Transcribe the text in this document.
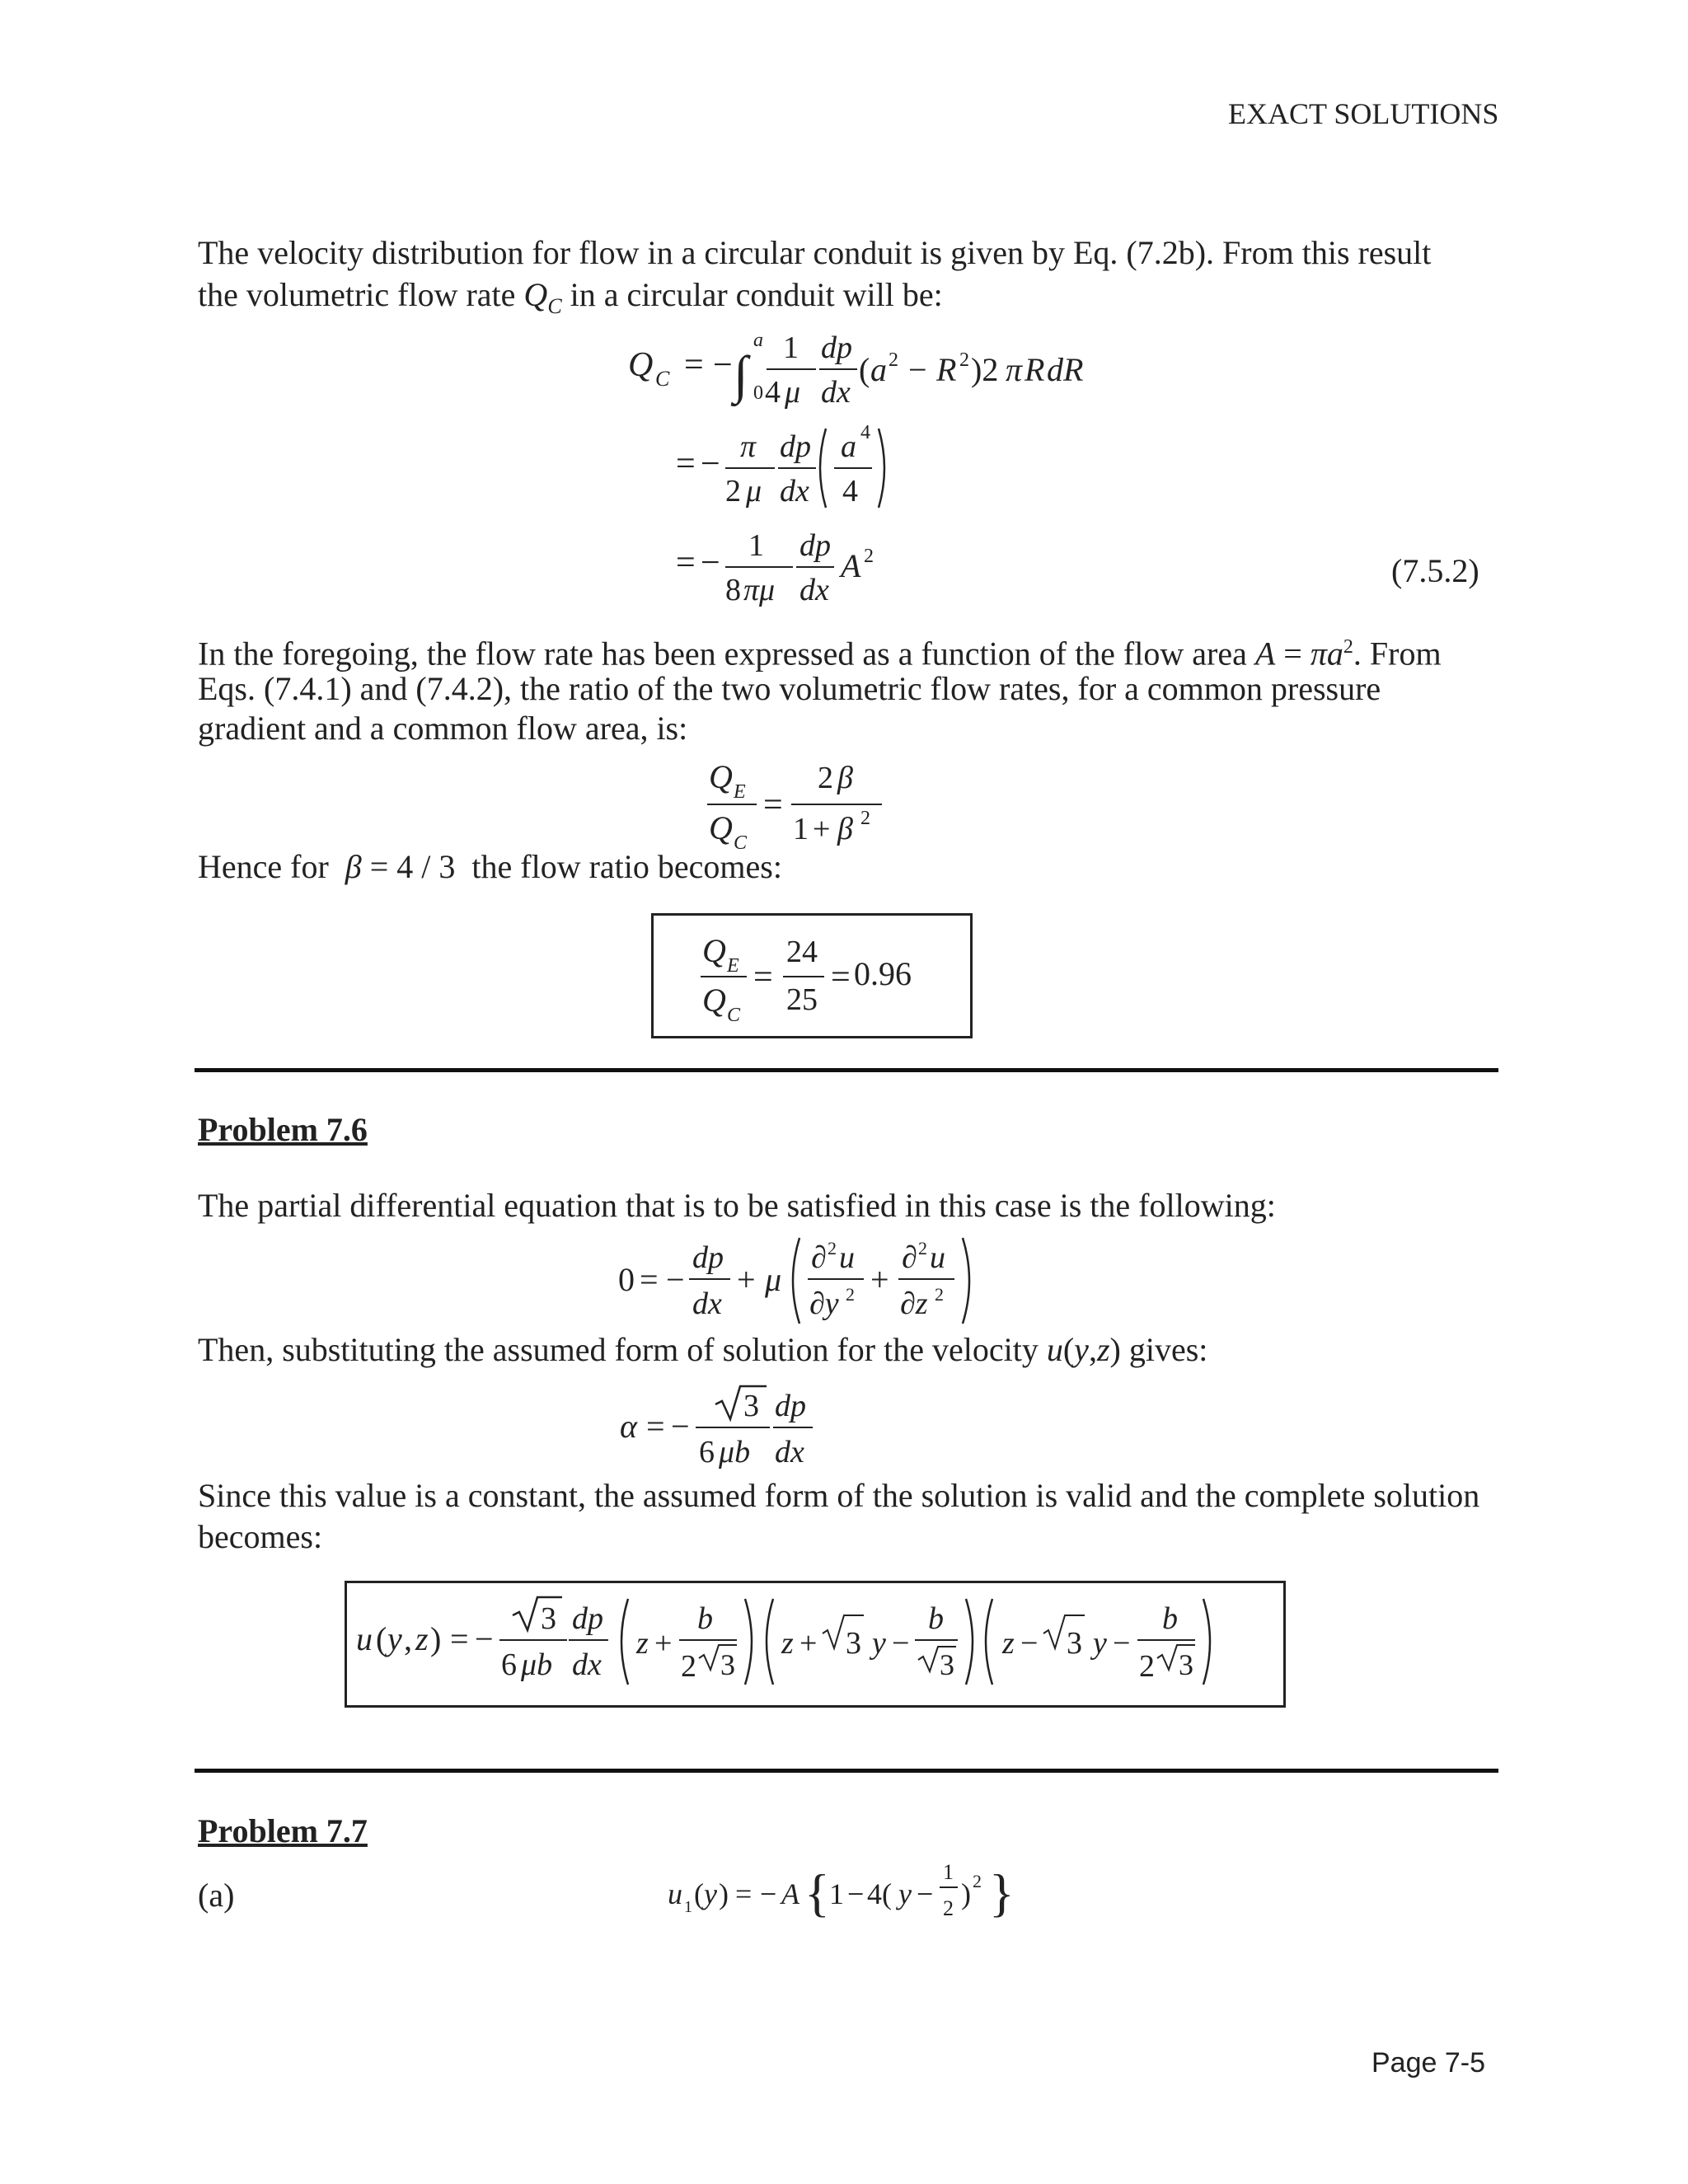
EXACT SOLUTIONS
The velocity distribution for flow in a circular conduit is given by Eq. (7.2b). From this result
the volumetric flow rate $Q_C$ in a circular conduit will be:
Q C = − ∫
a
0
1
4 μ
dp
dx
( a 2 − R 2 )2 π R dR
= − π
2 μ
dp
dx
a 4
4
= − 1
8 πμ
dp
dx
A 2	(7.5.2)
In the foregoing, the flow rate has been expressed as a function of the flow area $A = \pi a^2$. From
Eqs. (7.4.1) and (7.4.2), the ratio of the two volumetric flow rates, for a common pressure
gradient and a common flow area, is:
Q E
Q C
=
2 β
1 + β 2
Hence for β = 4 / 3 the flow ratio becomes:
Q E
Q C
=
24
25
= 0.96
Problem 7.6
The partial differential equation that is to be satisfied in this case is the following:
0 = −
dp
dx
+ μ
∂ 2 u
∂y 2 +
∂ 2 u
∂z 2
Then, substituting the assumed form of solution for the velocity u(y,z) gives:
α = −
3 dp
6 μb dx
Since this value is a constant, the assumed form of the solution is valid and the complete solution
becomes:
u ( y , z ) = −
3
6 μb
dp
dx
z +
b
2 3
z + 3 y −
b
3
z − 3 y −
b
2 3
Problem 7.7
(a)	u 1 ( y ) = − A { 1 − 4( y −
1
2 ) 2 }
Page 7-5
